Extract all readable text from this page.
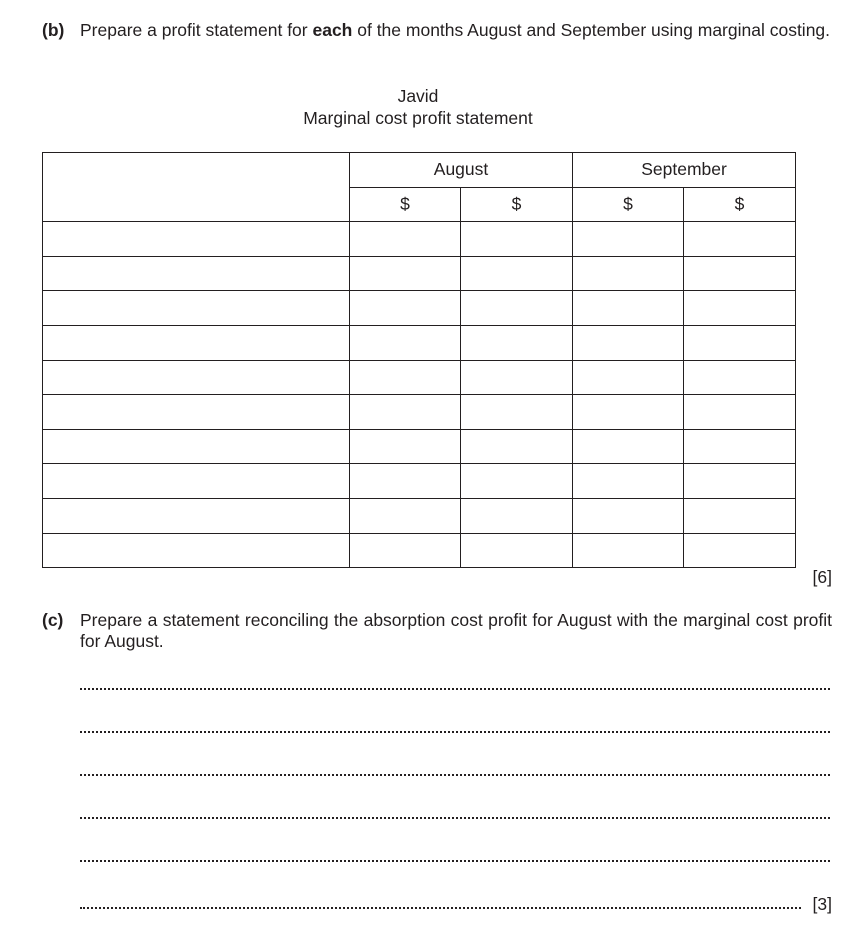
(b) Prepare a profit statement for each of the months August and September using marginal costing.
Javid
Marginal cost profit statement
	August		September	
	$	$	$	$

[6]
(c) Prepare a statement reconciling the absorption cost profit for August with the marginal cost profit for August.
[3]
